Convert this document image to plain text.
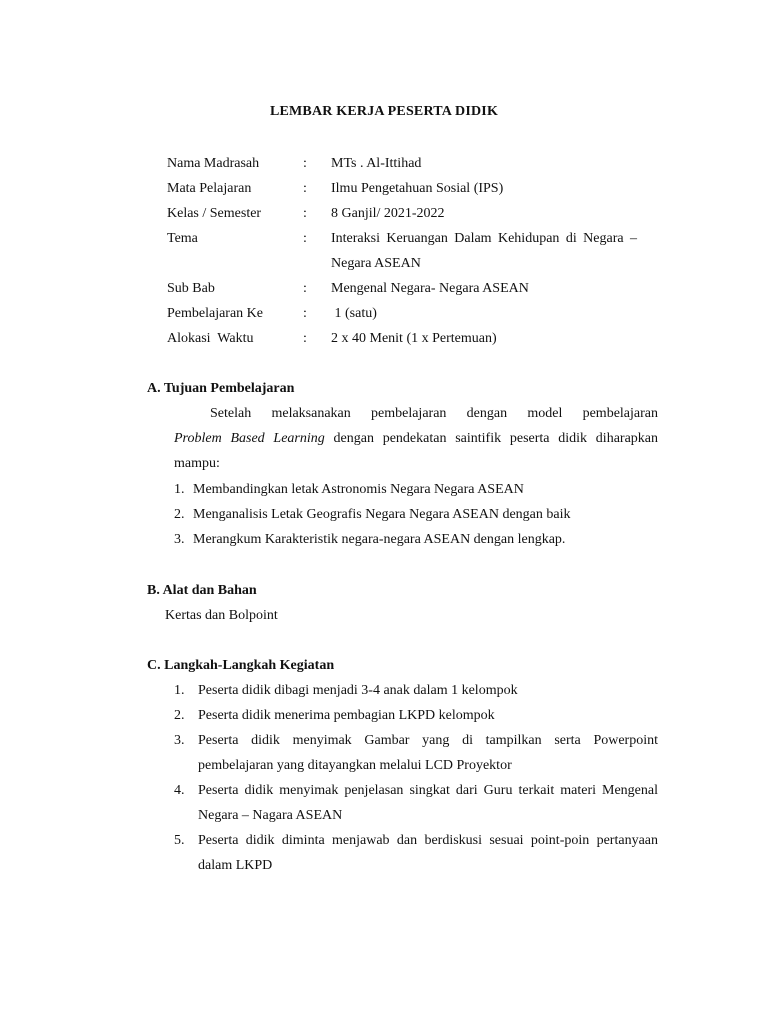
LEMBAR KERJA PESERTA DIDIK
Nama Madrasah	: MTs . Al-Ittihad
Mata Pelajaran	: Ilmu Pengetahuan Sosial (IPS)
Kelas / Semester	: 8 Ganjil/ 2021-2022
Tema	: Interaksi Keruangan Dalam Kehidupan di Negara – Negara ASEAN
Sub Bab	: Mengenal Negara- Negara ASEAN
Pembelajaran Ke	: 1 (satu)
Alokasi  Waktu	: 2 x 40 Menit (1 x Pertemuan)
A. Tujuan Pembelajaran

Setelah melaksanakan pembelajaran dengan model pembelajaran

Problem Based Learning dengan pendekatan saintifik peserta didik diharapkan mampu:

1. Membandingkan letak Astronomis Negara Negara ASEAN
2. Menganalisis Letak Geografis Negara Negara ASEAN dengan baik
3. Merangkum Karakteristik negara-negara ASEAN dengan lengkap.
B. Alat dan Bahan
Kertas dan Bolpoint
C. Langkah-Langkah Kegiatan
1. Peserta didik dibagi menjadi 3-4 anak dalam 1 kelompok
2. Peserta didik menerima pembagian LKPD kelompok
3. Peserta didik menyimak Gambar yang di tampilkan serta Powerpoint pembelajaran yang ditayangkan melalui LCD Proyektor
4. Peserta didik menyimak penjelasan singkat dari Guru terkait materi Mengenal Negara – Nagara ASEAN
5. Peserta didik diminta menjawab dan berdiskusi sesuai point-poin pertanyaan dalam LKPD
